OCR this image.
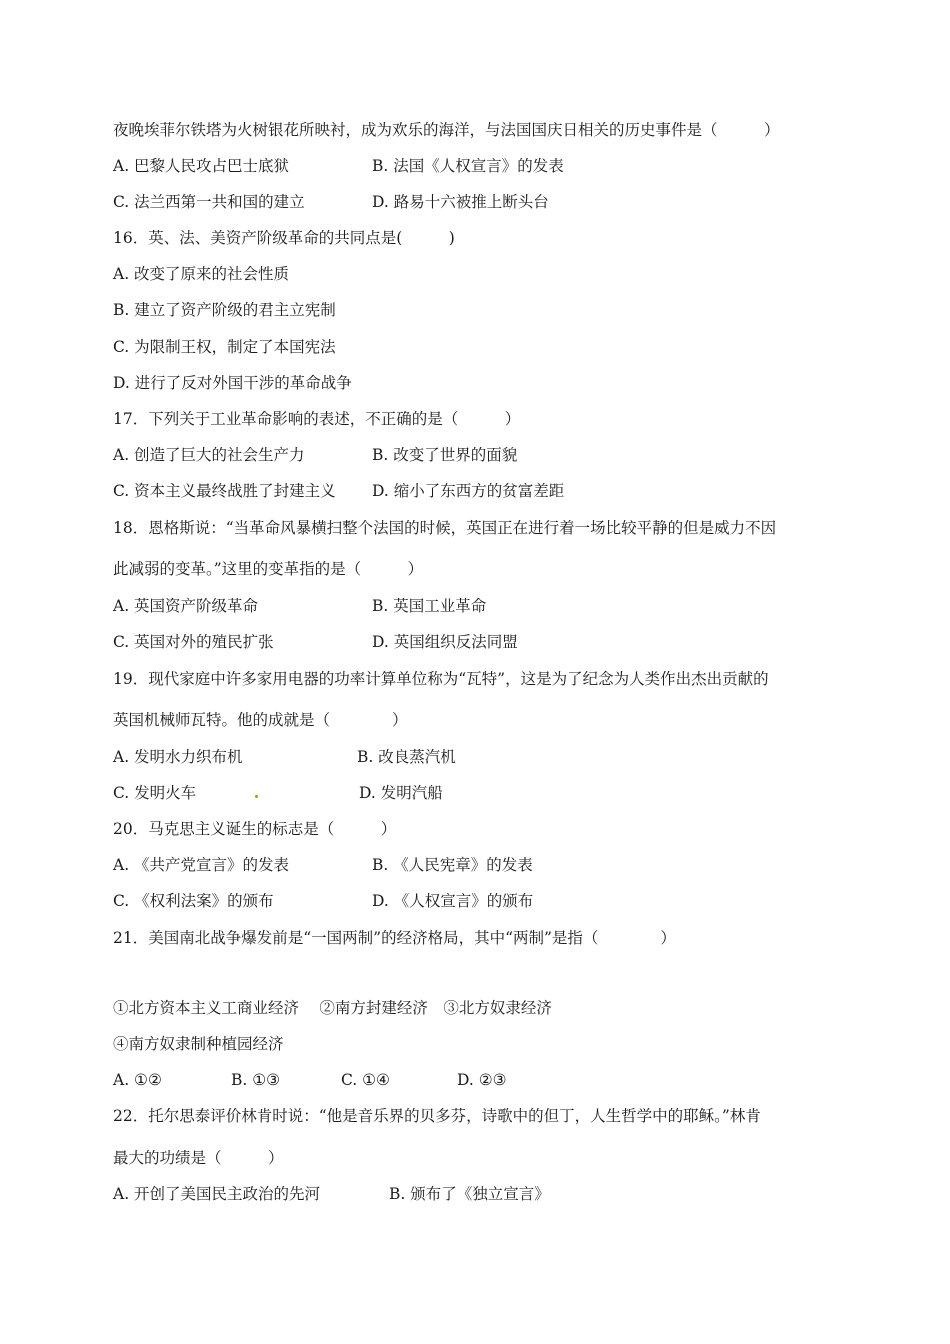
夜晚埃菲尔铁塔为火树银花所映衬，成为欢乐的海洋，与法国国庆日相关的历史事件是（　　　）
A. 巴黎人民攻占巴士底狱	B. 法国《人权宣言》的发表
C. 法兰西第一共和国的建立	D. 路易十六被推上断头台
16．英、法、美资产阶级革命的共同点是(　　　)
A. 改变了原来的社会性质
B. 建立了资产阶级的君主立宪制
C. 为限制王权，制定了本国宪法
D. 进行了反对外国干涉的革命战争
17．下列关于工业革命影响的表述，不正确的是（　　　）
A. 创造了巨大的社会生产力	B. 改变了世界的面貌
C. 资本主义最终战胜了封建主义 D. 缩小了东西方的贫富差距
18．恩格斯说：“当革命风暴横扫整个法国的时候，英国正在进行着一场比较平静的但是威力不因
此减弱的变革。”这里的变革指的是（　　　）
A. 英国资产阶级革命	B. 英国工业革命
C. 英国对外的殖民扩张	D. 英国组织反法同盟
19．现代家庭中许多家用电器的功率计算单位称为“瓦特”，这是为了纪念为人类作出杰出贡献的
英国机械师瓦特。他的成就是（　　　　）
A. 发明水力织布机	B. 改良蒸汽机
C. 发明火车	D. 发明汽船
20．马克思主义诞生的标志是（　　　）
A. 《共产党宣言》的发表	B. 《人民宪章》的发表
C. 《权利法案》的颁布	D. 《人权宣言》的颁布
21．美国南北战争爆发前是“一国两制”的经济格局，其中“两制”是指（　　　　）
①北方资本主义工商业经济　 ②南方封建经济　③北方奴隶经济
④南方奴隶制种植园经济
A. ①②	B. ①③	C. ①④	D. ②③
22．托尔思泰评价林肯时说：“他是音乐界的贝多芬，诗歌中的但丁，人生哲学中的耶稣。”林肯
最大的功绩是（　　　）
A. 开创了美国民主政治的先河	B. 颁布了《独立宣言》
